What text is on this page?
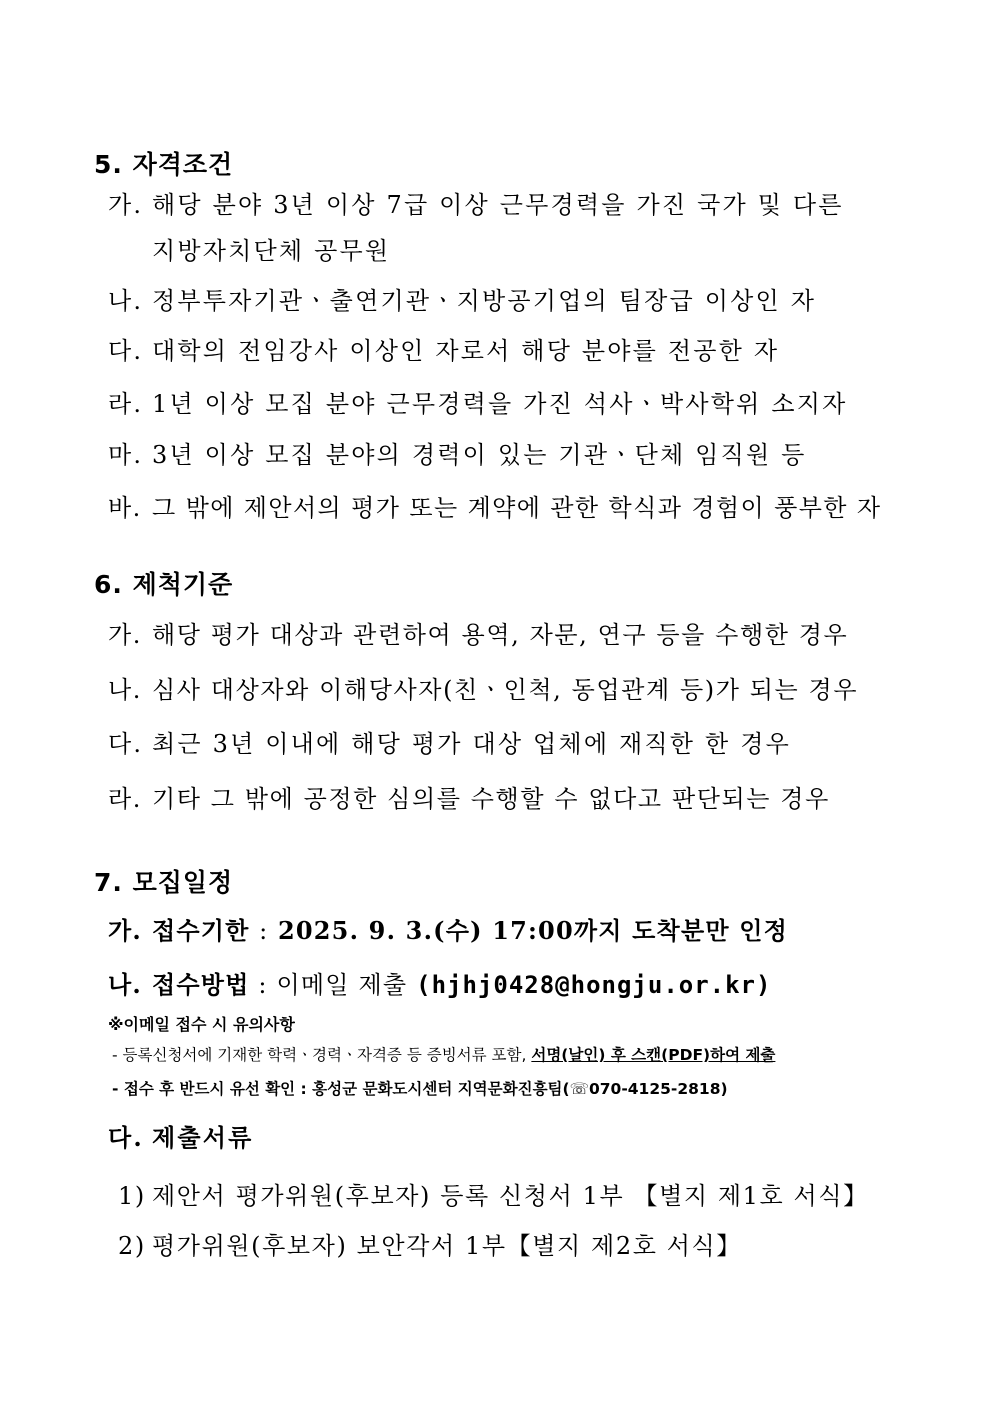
5. 자격조건
가. 해당 분야 3년 이상 7급 이상 근무경력을 가진 국가 및 다른
지방자치단체 공무원
나. 정부투자기관ㆍ출연기관ㆍ지방공기업의 팀장급 이상인 자
다. 대학의 전임강사 이상인 자로서 해당 분야를 전공한 자
라. 1년 이상 모집 분야 근무경력을 가진 석사ㆍ박사학위 소지자
마. 3년 이상 모집 분야의 경력이 있는 기관ㆍ단체 임직원 등
바. 그 밖에 제안서의 평가 또는 계약에 관한 학식과 경험이 풍부한 자
6. 제척기준
가. 해당 평가 대상과 관련하여 용역, 자문, 연구 등을 수행한 경우
나. 심사 대상자와 이해당사자(친ㆍ인척, 동업관계 등)가 되는 경우
다. 최근 3년 이내에 해당 평가 대상 업체에 재직한 한 경우
라. 기타 그 밖에 공정한 심의를 수행할 수 없다고 판단되는 경우
7. 모집일정
가. 접수기한 : 2025. 9. 3.(수) 17:00까지 도착분만 인정
나. 접수방법 : 이메일 제출 (hjhj0428@hongju.or.kr)
※이메일 접수 시 유의사항
- 등록신청서에 기재한 학력ㆍ경력ㆍ자격증 등 증빙서류 포함, 서명(날인) 후 스캔(PDF)하여 제출
- 접수 후 반드시 유선 확인 : 홍성군 문화도시센터 지역문화진흥팀(☏070-4125-2818)
다. 제출서류
1) 제안서 평가위원(후보자) 등록 신청서 1부 【별지 제1호 서식】
2) 평가위원(후보자) 보안각서 1부【별지 제2호 서식】
